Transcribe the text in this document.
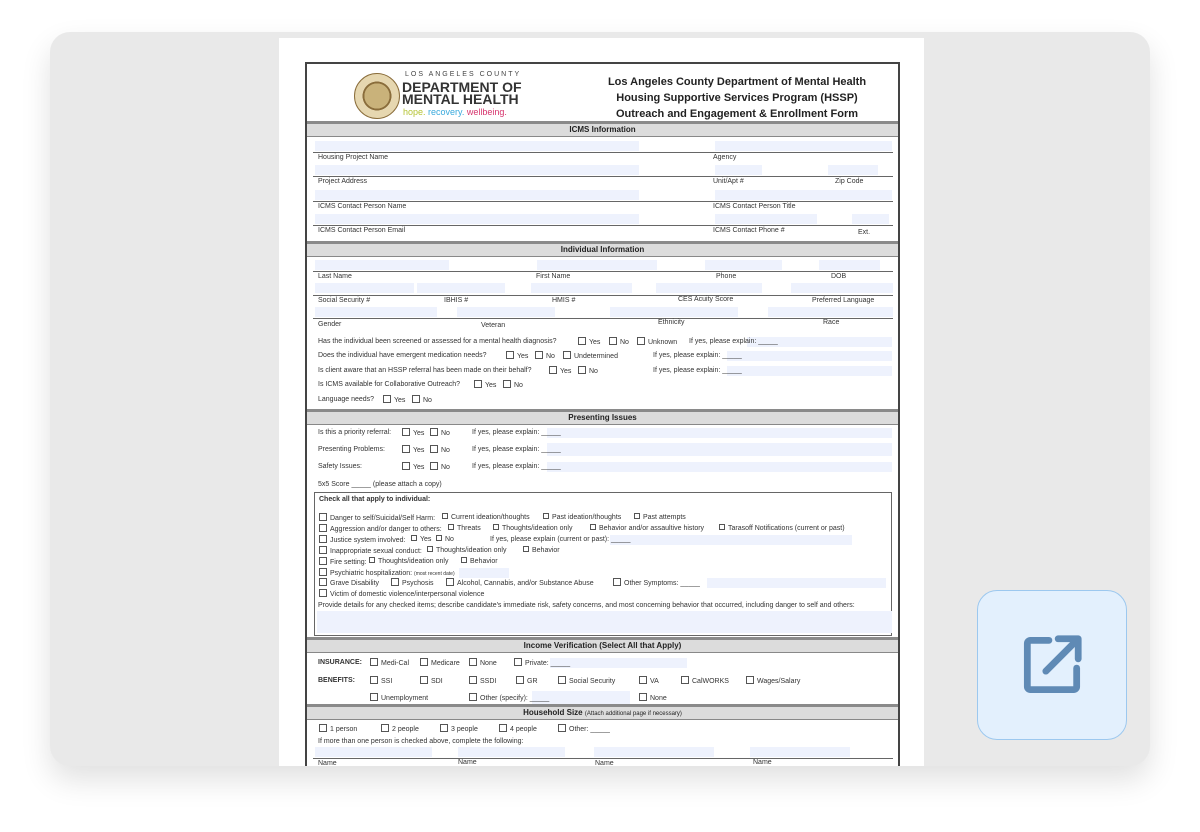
LOS ANGELES COUNTY
DEPARTMENT OF
MENTAL HEALTH
hope. recovery. wellbeing.
Los Angeles County Department of Mental Health
Housing Supportive Services Program (HSSP)
Outreach and Engagement & Enrollment Form
ICMS Information
Housing Project Name	Agency
Project Address	Unit/Apt #	Zip Code
ICMS Contact Person Name	ICMS Contact Person Title
ICMS Contact Person Email	ICMS Contact Phone #	Ext.
Individual Information
Last Name	First Name	Phone	DOB
Social Security #	IBHIS #	HMIS #	CES Acuity Score	Preferred Language
Gender	Veteran	Ethnicity	Race
Has the individual been screened or assessed for a mental health diagnosis?	Yes	No	Unknown If yes, please explain: _____
Does the individual have emergent medication needs?	Yes	No	Undetermined	If yes, please explain: _____
Is client aware that an HSSP referral has been made on their behalf?	Yes	No	If yes, please explain: _____
Is ICMS available for Collaborative Outreach?	Yes	No
Language needs?	Yes	No
Presenting Issues
Is this a priority referral:	Yes	No	If yes, please explain: _____
Presenting Problems:	Yes	No	If yes, please explain: _____
Safety Issues:	Yes	No	If yes, please explain: _____
5x5 Score _____ (please attach a copy)
Check all that apply to individual:
Danger to self/Suicidal/Self Harm:	Current ideation/thoughts	Past ideation/thoughts	Past attempts
Aggression and/or danger to others:	Threats	Thoughts/ideation only	Behavior and/or assaultive history	Tarasoff Notifications (current or past)
Justice system involved:	Yes	No	If yes, please explain (current or past): _____
Inappropriate sexual conduct:	Thoughts/ideation only	Behavior
Fire setting:	Thoughts/ideation only	Behavior
Psychiatric hospitalization: (most recent date)
Grave Disability	Psychosis	Alcohol, Cannabis, and/or Substance Abuse	Other Symptoms: _____
Victim of domestic violence/interpersonal violence
Provide details for any checked items; describe candidate's immediate risk, safety concerns, and most concerning behavior that occurred, including danger to self and others:
Income Verification (Select All that Apply)
INSURANCE:	Medi-Cal	Medicare	None	Private: _____
BENEFITS:	SSI	SDI	SSDI	GR	Social Security	VA	CalWORKS	Wages/Salary
Unemployment	Other (specify): _____	None
Household Size (Attach additional page if necessary)
1 person	2 people	3 people	4 people	Other: _____
If more than one person is checked above, complete the following:
Name	Name	Name	Name
